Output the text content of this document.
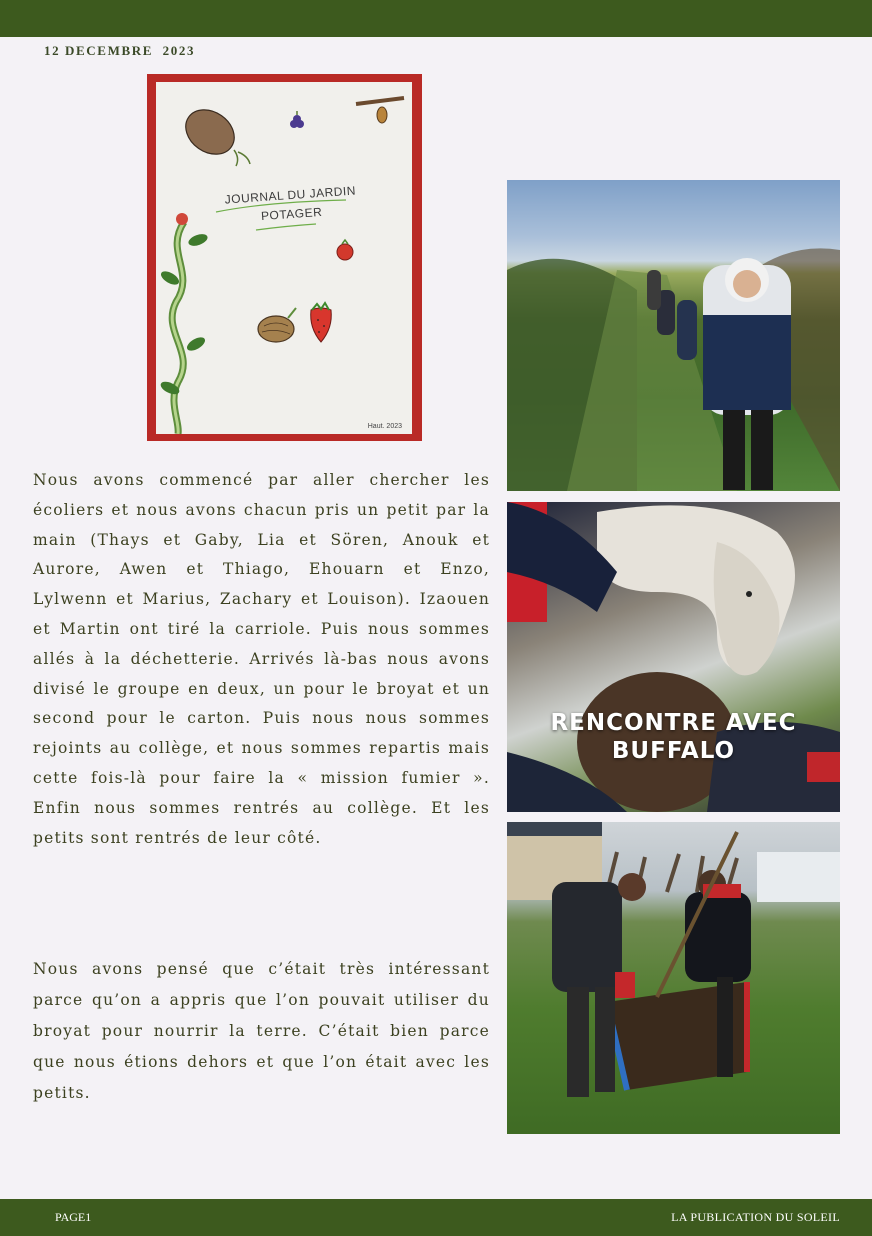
12 DECEMBRE  2023
JOURNAL DU JARDIN
POTAGER
Haut. 2023

Nous avons commencé par aller chercher les écoliers et nous avons chacun pris un petit par la main (Thays et Gaby, Lia et Sören, Anouk et Aurore, Awen et Thiago, Ehouarn et Enzo, Lylwenn et Marius, Zachary et Louison). Izaouen et Martin ont tiré la carriole. Puis nous sommes allés à la déchetterie. Arrivés là-bas nous avons divisé le groupe en deux, un pour le broyat et un second pour le carton. Puis nous nous sommes rejoints au collège, et nous sommes repartis mais cette fois-là pour faire la « mission fumier ». Enfin nous sommes rentrés au collège. Et les petits sont rentrés de leur côté.

Nous avons pensé que c’était très intéressant parce qu’on a appris que l’on pouvait utiliser du broyat pour nourrir la terre. C’était bien parce que nous étions dehors et que l’on était avec les petits.

RENCONTRE AVEC
BUFFALO
PAGE1	LA PUBLICATION DU SOLEIL
